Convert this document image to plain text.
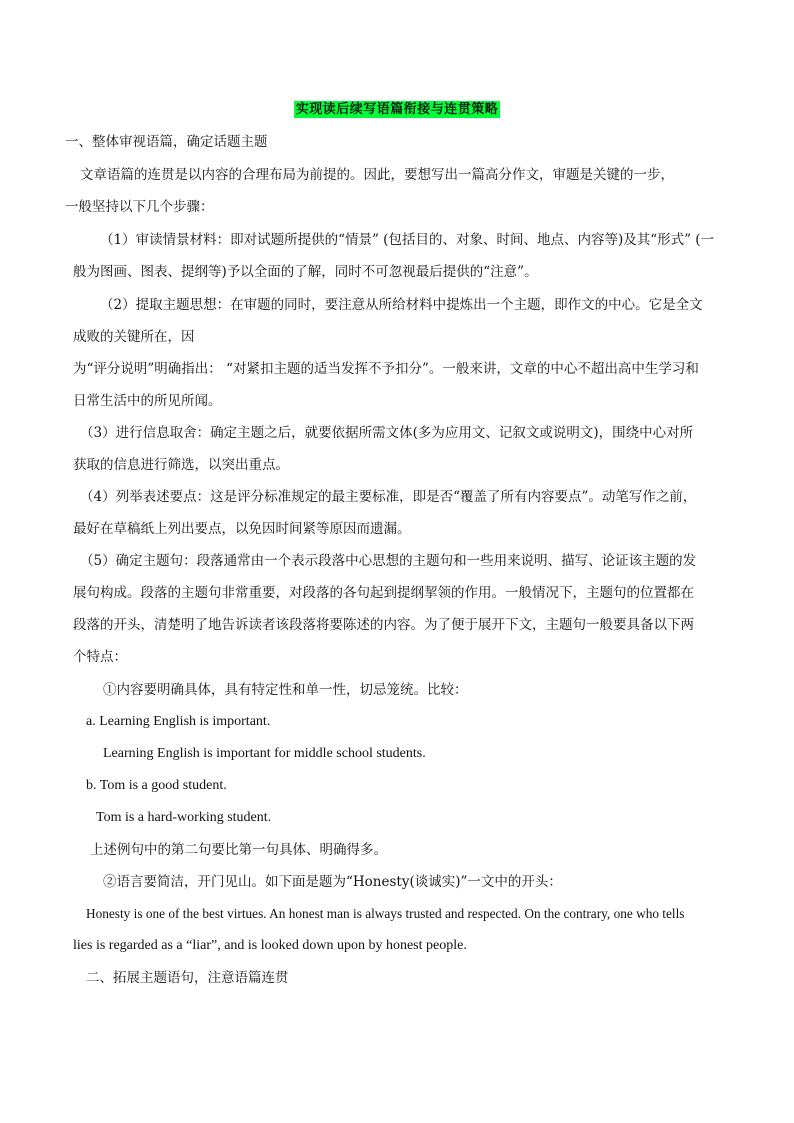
实现读后续写语篇衔接与连贯策略
一、整体审视语篇，确定话题主题
文章语篇的连贯是以内容的合理布局为前提的。因此，要想写出一篇高分作文，审题是关键的一步，
一般坚持以下几个步骤：
（1）审读情景材料：即对试题所提供的“情景” (包括目的、对象、时间、地点、内容等)及其“形式” (一
般为图画、图表、提纲等)予以全面的了解，同时不可忽视最后提供的“注意”。
（2）提取主题思想：在审题的同时，要注意从所给材料中提炼出一个主题，即作文的中心。它是全文
成败的关键所在，因
为“评分说明”明确指出： “对紧扣主题的适当发挥不予扣分”。一般来讲，文章的中心不超出高中生学习和
日常生活中的所见所闻。
（3）进行信息取舍：确定主题之后，就要依据所需文体(多为应用文、记叙文或说明文)，围绕中心对所
获取的信息进行筛选，以突出重点。
（4）列举表述要点：这是评分标准规定的最主要标准，即是否“覆盖了所有内容要点”。动笔写作之前，
最好在草稿纸上列出要点，以免因时间紧等原因而遗漏。
（5）确定主题句：段落通常由一个表示段落中心思想的主题句和一些用来说明、描写、论证该主题的发
展句构成。段落的主题句非常重要，对段落的各句起到提纲挈领的作用。一般情况下，主题句的位置都在
段落的开头，清楚明了地告诉读者该段落将要陈述的内容。为了便于展开下文，主题句一般要具备以下两
个特点：
①内容要明确具体，具有特定性和单一性，切忌笼统。比较：
a. Learning English is important.
Learning English is important for middle school students.
b. Tom is a good student.
Tom is a hard-working student.
上述例句中的第二句要比第一句具体、明确得多。
②语言要简洁，开门见山。如下面是题为“Honesty(谈诚实)”一文中的开头：
Honesty is one of the best virtues. An honest man is always trusted and respected. On the contrary, one who tells
lies is regarded as a “liar”, and is looked down upon by honest people.
二、拓展主题语句，注意语篇连贯
